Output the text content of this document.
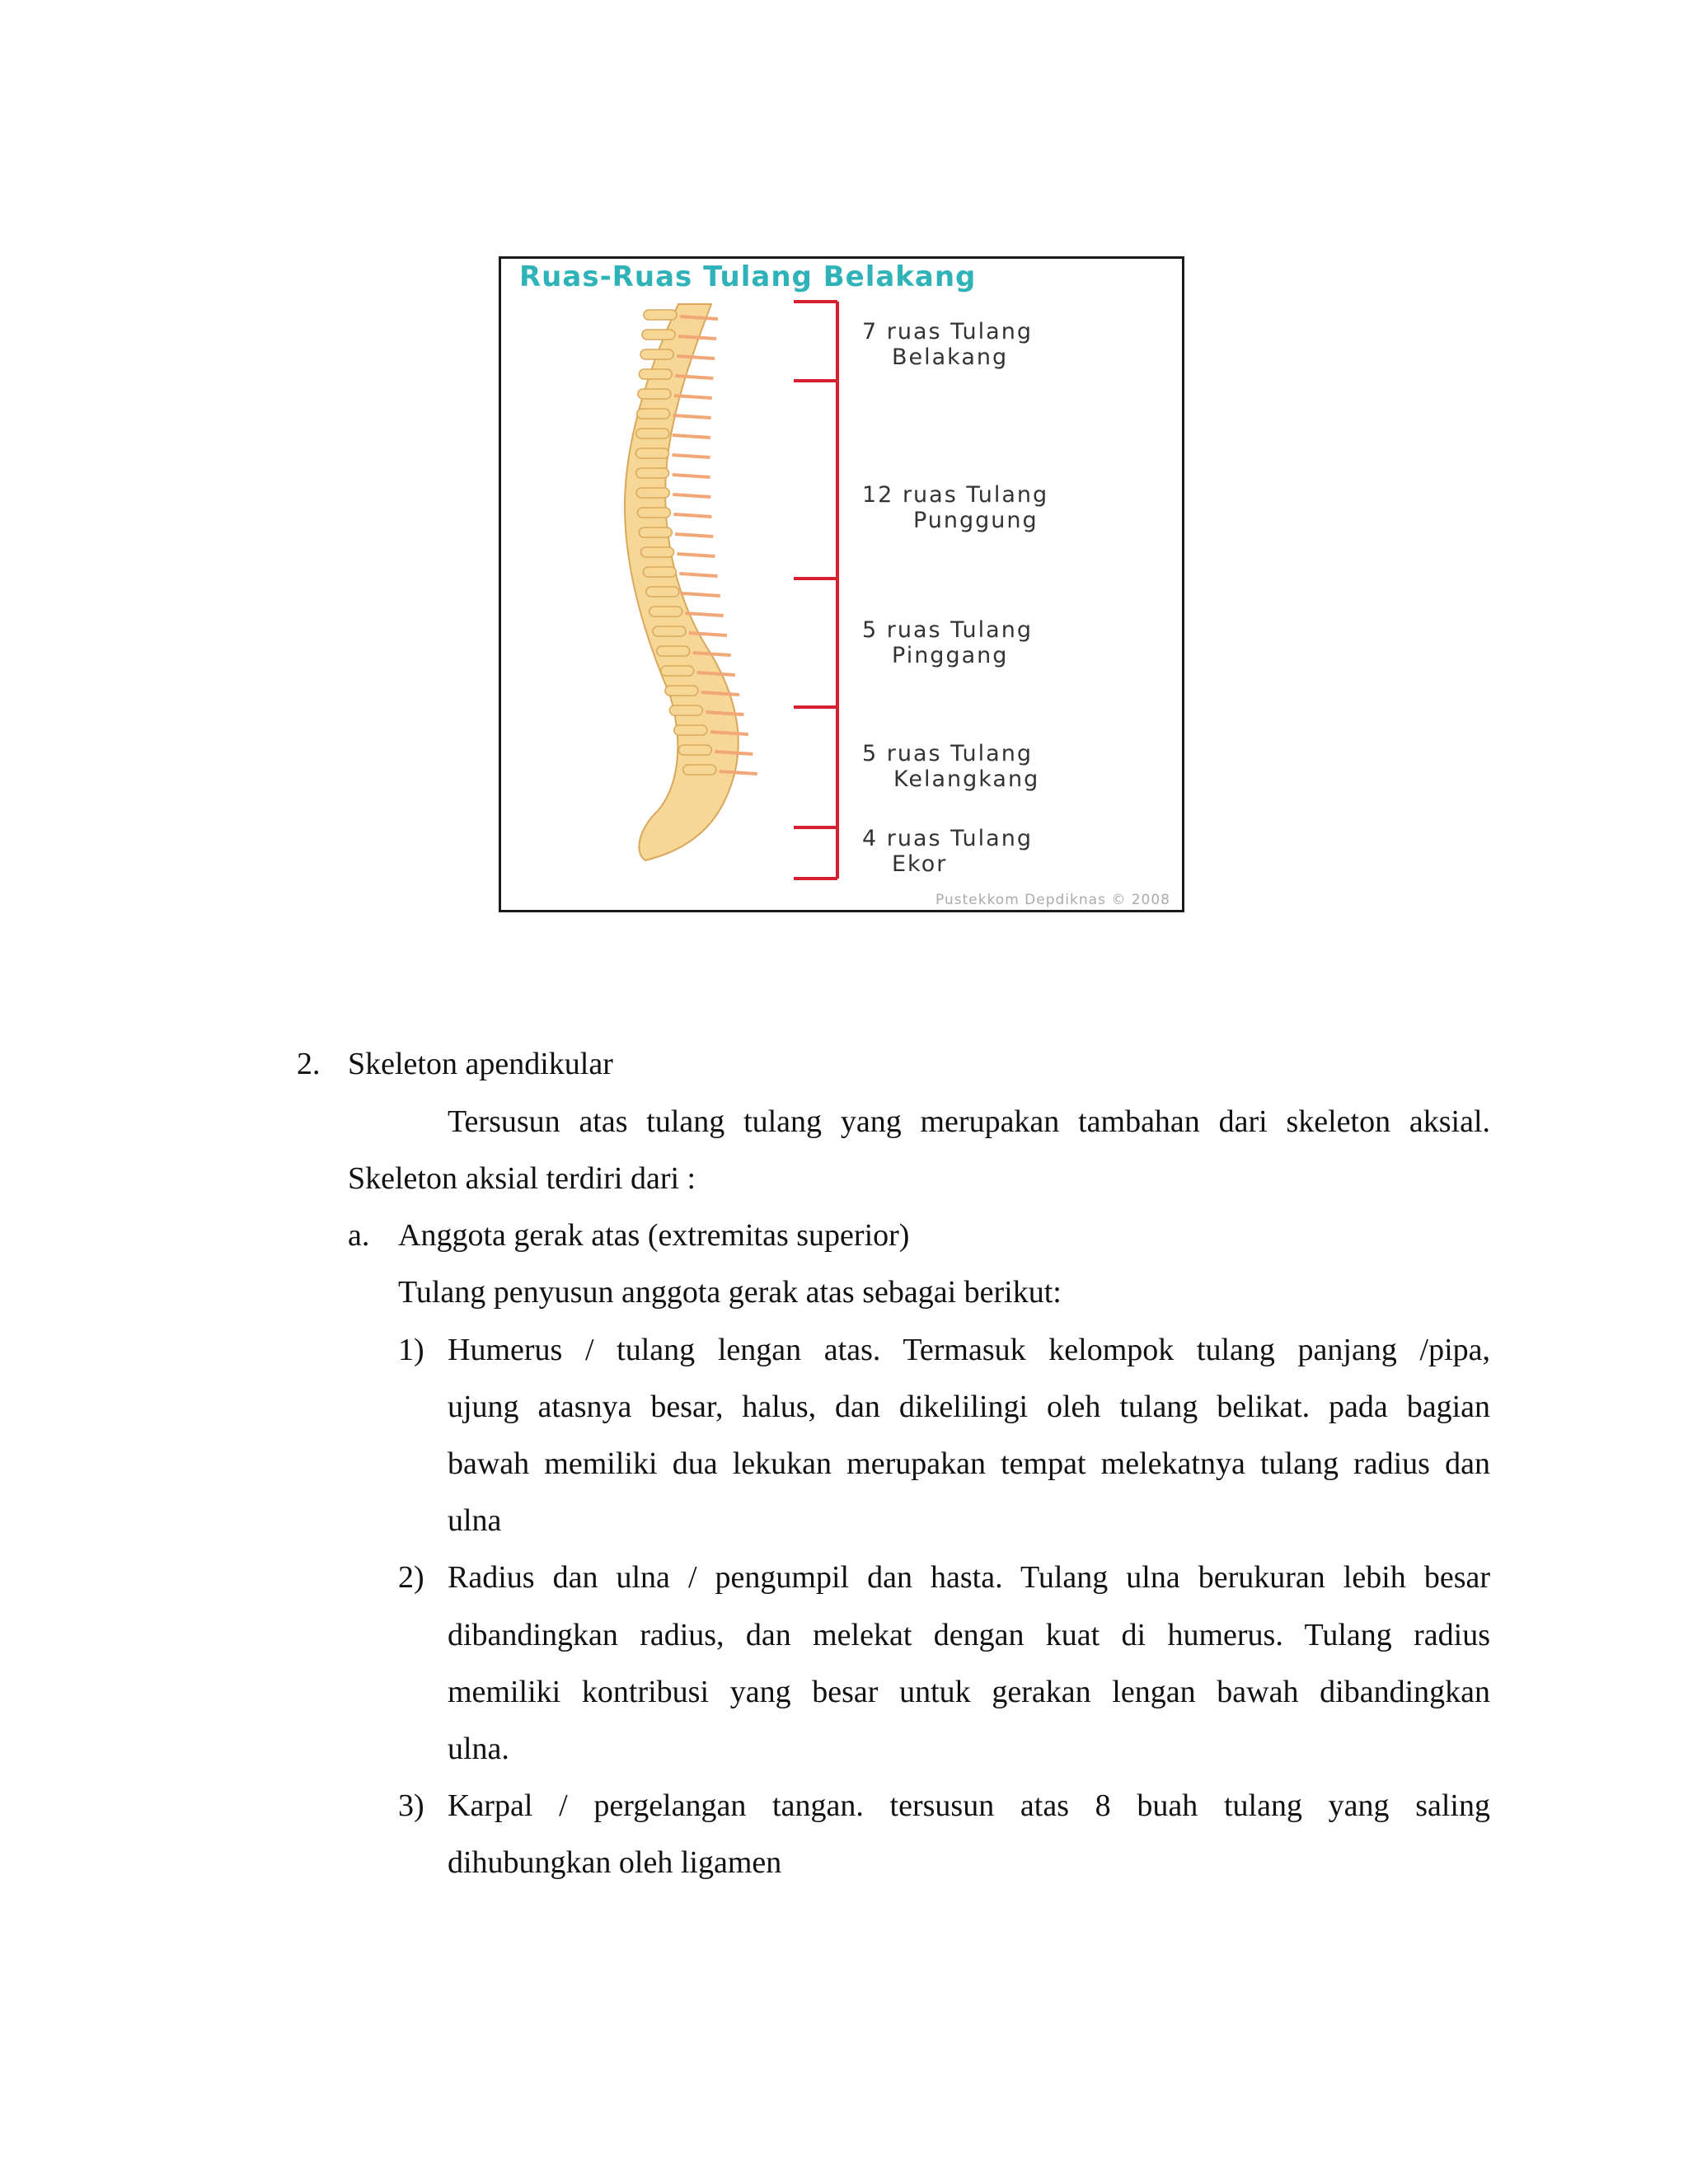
Ruas-Ruas Tulang Belakang
7 ruas Tulang
Belakang
12 ruas Tulang
Punggung
5 ruas Tulang
Pinggang
5 ruas Tulang
Kelangkang
4 ruas Tulang
Ekor
Pustekkom Depdiknas © 2008
2. Skeleton apendikular
Tersusun atas tulang tulang yang merupakan tambahan dari skeleton aksial.
Skeleton aksial terdiri dari :
a. Anggota gerak atas (extremitas superior)
Tulang penyusun anggota gerak atas sebagai berikut:
1) Humerus / tulang lengan atas. Termasuk kelompok tulang panjang /pipa,
ujung atasnya besar, halus, dan dikelilingi oleh tulang belikat. pada bagian
bawah memiliki dua lekukan merupakan tempat melekatnya tulang radius dan
ulna
2) Radius dan ulna / pengumpil dan hasta. Tulang ulna berukuran lebih besar
dibandingkan radius, dan melekat dengan kuat di humerus. Tulang radius
memiliki kontribusi yang besar untuk gerakan lengan bawah dibandingkan
ulna.
3) Karpal / pergelangan tangan. tersusun atas 8 buah tulang yang saling
dihubungkan oleh ligamen
